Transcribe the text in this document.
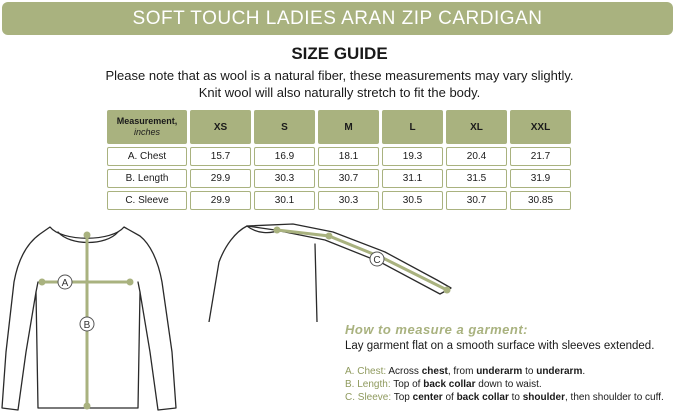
SOFT TOUCH LADIES ARAN ZIP CARDIGAN
SIZE GUIDE
Please note that as wool is a natural fiber, these measurements may vary slightly.
Knit wool will also naturally stretch to fit the body.
Measurement,
inches	XS	S	M	L	XL	XXL
A. Chest	15.7	16.9	18.1	19.3	20.4	21.7
B. Length	29.9	30.3	30.7	31.1	31.5	31.9
C. Sleeve	29.9	30.1	30.3	30.5	30.7	30.85
A
B
C
How to measure a garment:
Lay garment flat on a smooth surface with sleeves extended.
A. Chest: Across chest, from underarm to underarm.
B. Length: Top of back collar down to waist.
C. Sleeve: Top center of back collar to shoulder, then shoulder to cuff.
